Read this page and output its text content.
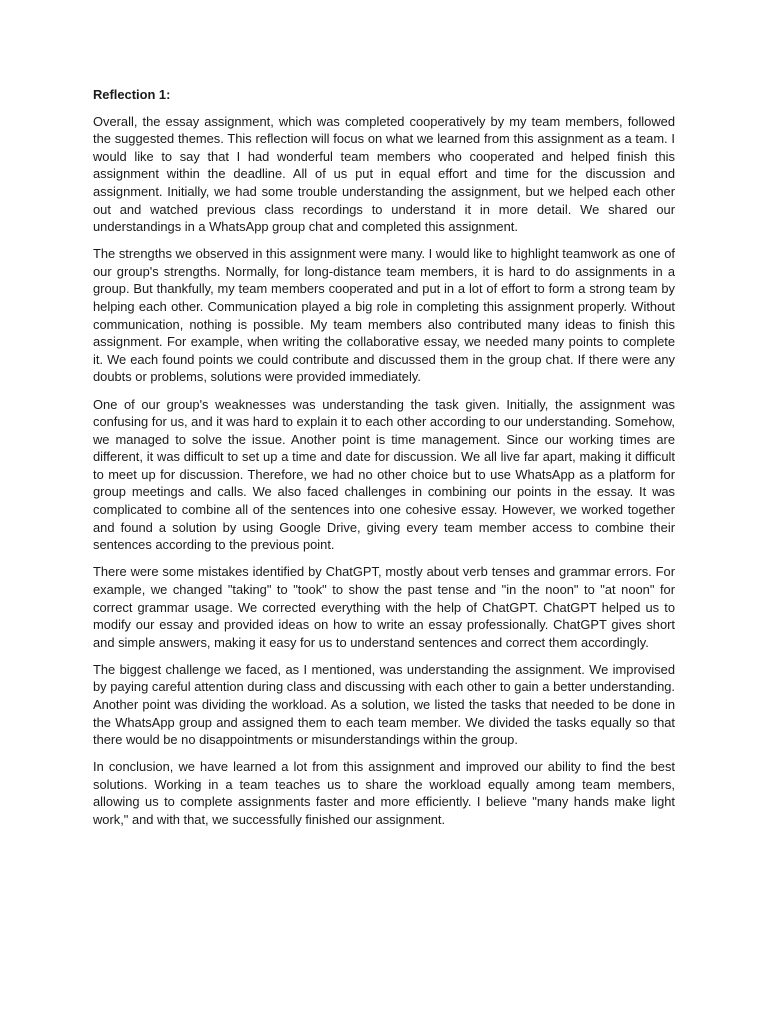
Reflection 1:

Overall, the essay assignment, which was completed cooperatively by my team members, followed the suggested themes. This reflection will focus on what we learned from this assignment as a team. I would like to say that I had wonderful team members who cooperated and helped finish this assignment within the deadline. All of us put in equal effort and time for the discussion and assignment. Initially, we had some trouble understanding the assignment, but we helped each other out and watched previous class recordings to understand it in more detail. We shared our understandings in a WhatsApp group chat and completed this assignment.

The strengths we observed in this assignment were many. I would like to highlight teamwork as one of our group's strengths. Normally, for long-distance team members, it is hard to do assignments in a group. But thankfully, my team members cooperated and put in a lot of effort to form a strong team by helping each other. Communication played a big role in completing this assignment properly. Without communication, nothing is possible. My team members also contributed many ideas to finish this assignment. For example, when writing the collaborative essay, we needed many points to complete it. We each found points we could contribute and discussed them in the group chat. If there were any doubts or problems, solutions were provided immediately.

One of our group's weaknesses was understanding the task given. Initially, the assignment was confusing for us, and it was hard to explain it to each other according to our understanding. Somehow, we managed to solve the issue. Another point is time management. Since our working times are different, it was difficult to set up a time and date for discussion. We all live far apart, making it difficult to meet up for discussion. Therefore, we had no other choice but to use WhatsApp as a platform for group meetings and calls. We also faced challenges in combining our points in the essay. It was complicated to combine all of the sentences into one cohesive essay. However, we worked together and found a solution by using Google Drive, giving every team member access to combine their sentences according to the previous point.

There were some mistakes identified by ChatGPT, mostly about verb tenses and grammar errors. For example, we changed "taking" to "took" to show the past tense and "in the noon" to "at noon" for correct grammar usage. We corrected everything with the help of ChatGPT. ChatGPT helped us to modify our essay and provided ideas on how to write an essay professionally. ChatGPT gives short and simple answers, making it easy for us to understand sentences and correct them accordingly.

The biggest challenge we faced, as I mentioned, was understanding the assignment. We improvised by paying careful attention during class and discussing with each other to gain a better understanding. Another point was dividing the workload. As a solution, we listed the tasks that needed to be done in the WhatsApp group and assigned them to each team member. We divided the tasks equally so that there would be no disappointments or misunderstandings within the group.

In conclusion, we have learned a lot from this assignment and improved our ability to find the best solutions. Working in a team teaches us to share the workload equally among team members, allowing us to complete assignments faster and more efficiently. I believe "many hands make light work," and with that, we successfully finished our assignment.
